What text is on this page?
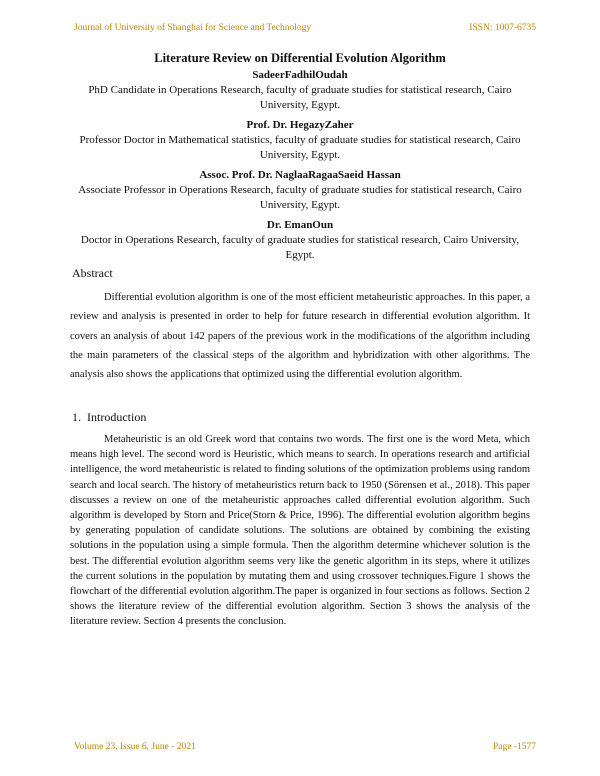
Journal of University of Shanghai for Science and Technology	ISSN: 1007-6735
Literature Review on Differential Evolution Algorithm
SadeerFadhilOudah
PhD Candidate in Operations Research, faculty of graduate studies for statistical research, Cairo University, Egypt.
Prof. Dr. HegazyZaher
Professor Doctor in Mathematical statistics, faculty of graduate studies for statistical research, Cairo University, Egypt.
Assoc. Prof. Dr. NaglaaRagaaSaeid Hassan
Associate Professor in Operations Research, faculty of graduate studies for statistical research, Cairo University, Egypt.
Dr. EmanOun
Doctor in Operations Research, faculty of graduate studies for statistical research, Cairo University, Egypt.
Abstract
Differential evolution algorithm is one of the most efficient metaheuristic approaches. In this paper, a review and analysis is presented in order to help for future research in differential evolution algorithm. It covers an analysis of about 142 papers of the previous work in the modifications of the algorithm including the main parameters of the classical steps of the algorithm and hybridization with other algorithms. The analysis also shows the applications that optimized using the differential evolution algorithm.
1. Introduction
Metaheuristic is an old Greek word that contains two words. The first one is the word Meta, which means high level. The second word is Heuristic, which means to search. In operations research and artificial intelligence, the word metaheuristic is related to finding solutions of the optimization problems using random search and local search. The history of metaheuristics return back to 1950 (Sörensen et al., 2018). This paper discusses a review on one of the metaheuristic approaches called differential evolution algorithm. Such algorithm is developed by Storn and Price(Storn & Price, 1996). The differential evolution algorithm begins by generating population of candidate solutions. The solutions are obtained by combining the existing solutions in the population using a simple formula. Then the algorithm determine whichever solution is the best. The differential evolution algorithm seems very like the genetic algorithm in its steps, where it utilizes the current solutions in the population by mutating them and using crossover techniques.Figure 1 shows the flowchart of the differential evolution algorithm.The paper is organized in four sections as follows. Section 2 shows the literature review of the differential evolution algorithm. Section 3 shows the analysis of the literature review. Section 4 presents the conclusion.
Volume 23, Issue 6, June - 2021	Page -1577
